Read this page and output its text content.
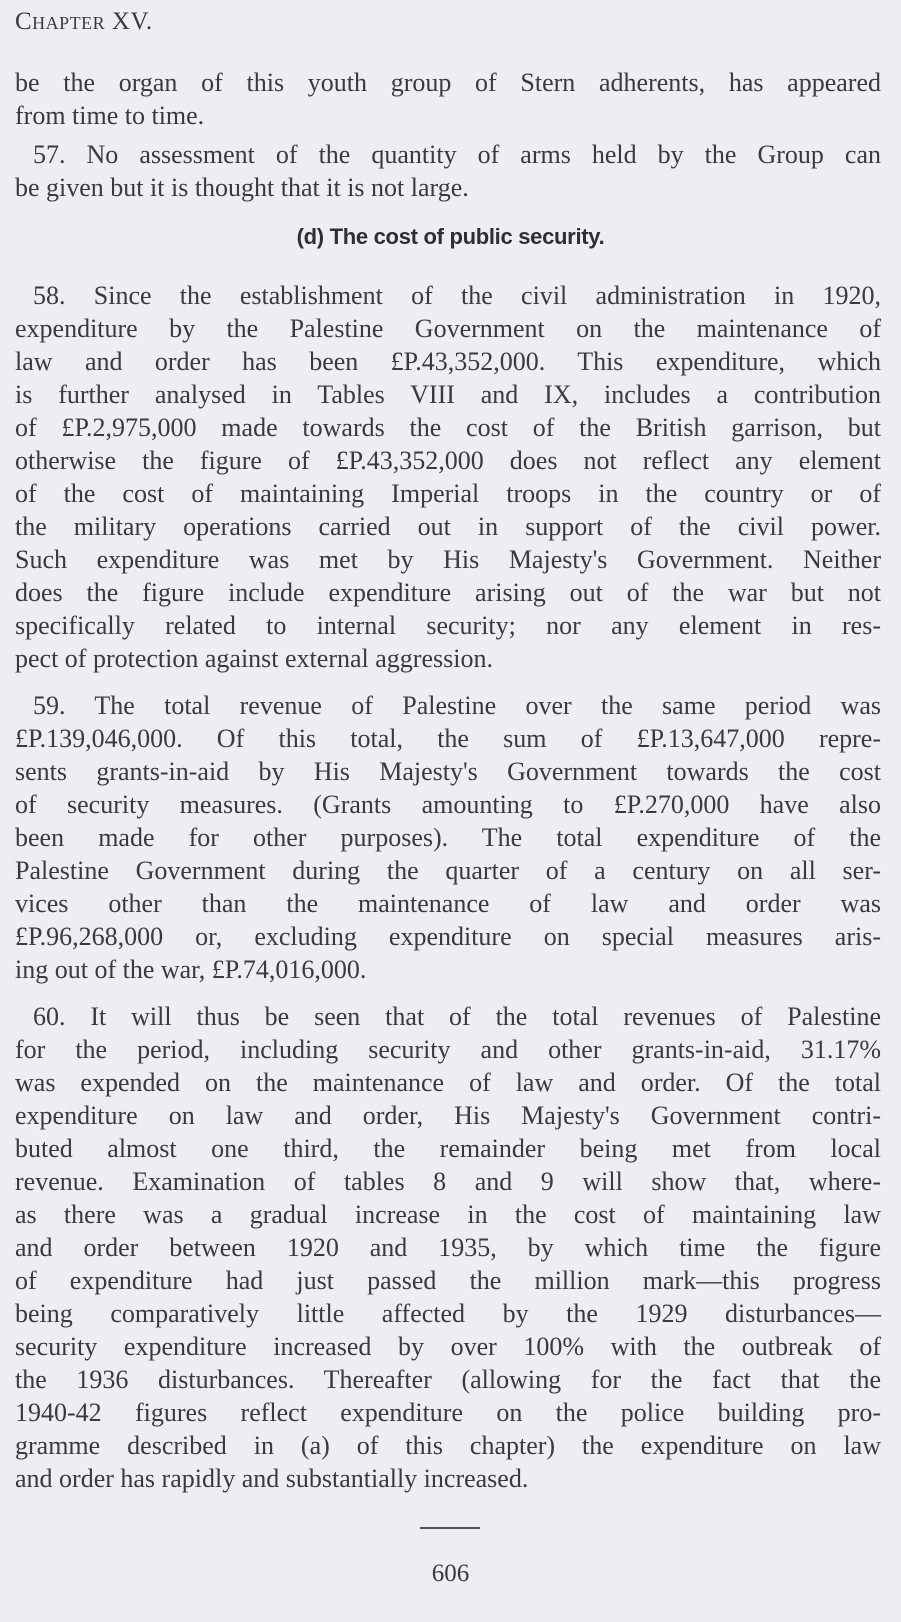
Chapter XV.
be the organ of this youth group of Stern adherents, has appeared
from time to time.
57. No assessment of the quantity of arms held by the Group can
be given but it is thought that it is not large.
(d) The cost of public security.
58. Since the establishment of the civil administration in 1920,
expenditure by the Palestine Government on the maintenance of
law and order has been £P.43,352,000. This expenditure, which
is further analysed in Tables VIII and IX, includes a contribution
of £P.2,975,000 made towards the cost of the British garrison, but
otherwise the figure of £P.43,352,000 does not reflect any element
of the cost of maintaining Imperial troops in the country or of
the military operations carried out in support of the civil power.
Such expenditure was met by His Majesty's Government. Neither
does the figure include expenditure arising out of the war but not
specifically related to internal security; nor any element in res-
pect of protection against external aggression.
59. The total revenue of Palestine over the same period was
£P.139,046,000. Of this total, the sum of £P.13,647,000 repre-
sents grants-in-aid by His Majesty's Government towards the cost
of security measures. (Grants amounting to £P.270,000 have also
been made for other purposes). The total expenditure of the
Palestine Government during the quarter of a century on all ser-
vices other than the maintenance of law and order was
£P.96,268,000 or, excluding expenditure on special measures aris-
ing out of the war, £P.74,016,000.
60. It will thus be seen that of the total revenues of Palestine
for the period, including security and other grants-in-aid, 31.17%
was expended on the maintenance of law and order. Of the total
expenditure on law and order, His Majesty's Government contri-
buted almost one third, the remainder being met from local
revenue. Examination of tables 8 and 9 will show that, where-
as there was a gradual increase in the cost of maintaining law
and order between 1920 and 1935, by which time the figure
of expenditure had just passed the million mark—this progress
being comparatively little affected by the 1929 disturbances—
security expenditure increased by over 100% with the outbreak of
the 1936 disturbances. Thereafter (allowing for the fact that the
1940-42 figures reflect expenditure on the police building pro-
gramme described in (a) of this chapter) the expenditure on law
and order has rapidly and substantially increased.
606
